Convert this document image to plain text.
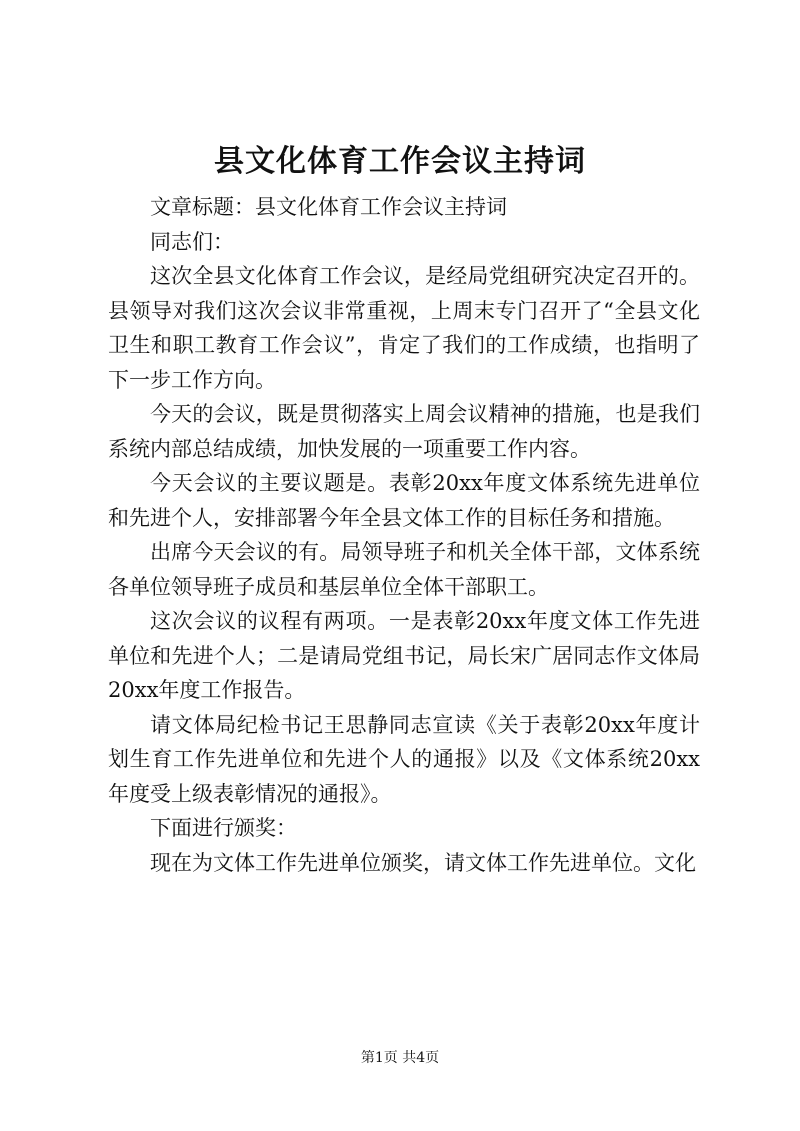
县文化体育工作会议主持词

文章标题：县文化体育工作会议主持词

同志们：

这次全县文化体育工作会议，是经局党组研究决定召开的。县领导对我们这次会议非常重视，上周末专门召开了“全县文化卫生和职工教育工作会议”，肯定了我们的工作成绩，也指明了下一步工作方向。

今天的会议，既是贯彻落实上周会议精神的措施，也是我们系统内部总结成绩，加快发展的一项重要工作内容。

今天会议的主要议题是。表彰20xx年度文体系统先进单位和先进个人，安排部署今年全县文体工作的目标任务和措施。

出席今天会议的有。局领导班子和机关全体干部，文体系统各单位领导班子成员和基层单位全体干部职工。

这次会议的议程有两项。一是表彰20xx年度文体工作先进单位和先进个人；二是请局党组书记，局长宋广居同志作文体局20xx年度工作报告。

请文体局纪检书记王思静同志宣读《关于表彰20xx年度计划生育工作先进单位和先进个人的通报》以及《文体系统20xx年度受上级表彰情况的通报》。

下面进行颁奖：

现在为文体工作先进单位颁奖，请文体工作先进单位。文化

第1页 共4页
